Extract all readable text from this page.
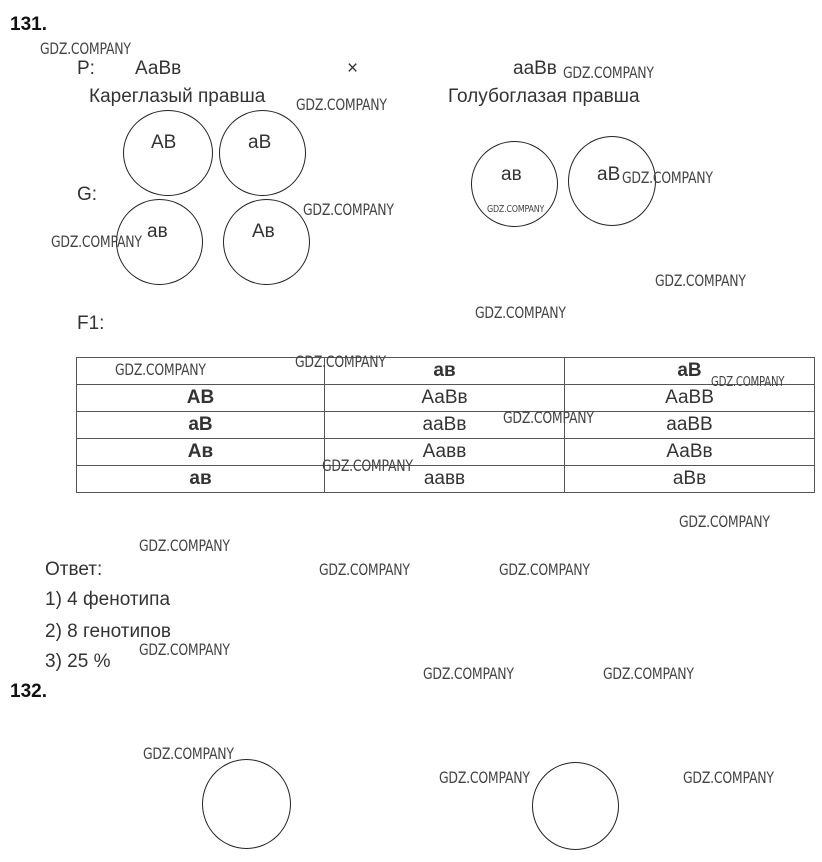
131.
P: АаВв	×	ааВв
Кареглазый правша	Голубоглазая правша
G:
АВ	аВ
ав	Ав
ав	аВ
F1:
	ав	аВ
АВ	АаВв	АаВВ
аВ	ааВв	ааВВ
Ав	Аавв	АаВв
ав	аавв	аВв
Ответ:
1) 4 фенотипа
2) 8 генотипов
3) 25 %
132.
GDZ.COMPANY
GDZ.COMPANY
GDZ.COMPANY
GDZ.COMPANY
GDZ.COMPANY
GDZ.COMPANY
GDZ.COMPANY
GDZ.COMPANY
GDZ.COMPANY
GDZ.COMPANY
GDZ.COMPANY
GDZ.COMPANY
GDZ.COMPANY
GDZ.COMPANY
GDZ.COMPANY
GDZ.COMPANY
GDZ.COMPANY	GDZ.COMPANY
GDZ.COMPANY
GDZ.COMPANY	GDZ.COMPANY
GDZ.COMPANY
GDZ.COMPANY	GDZ.COMPANY
